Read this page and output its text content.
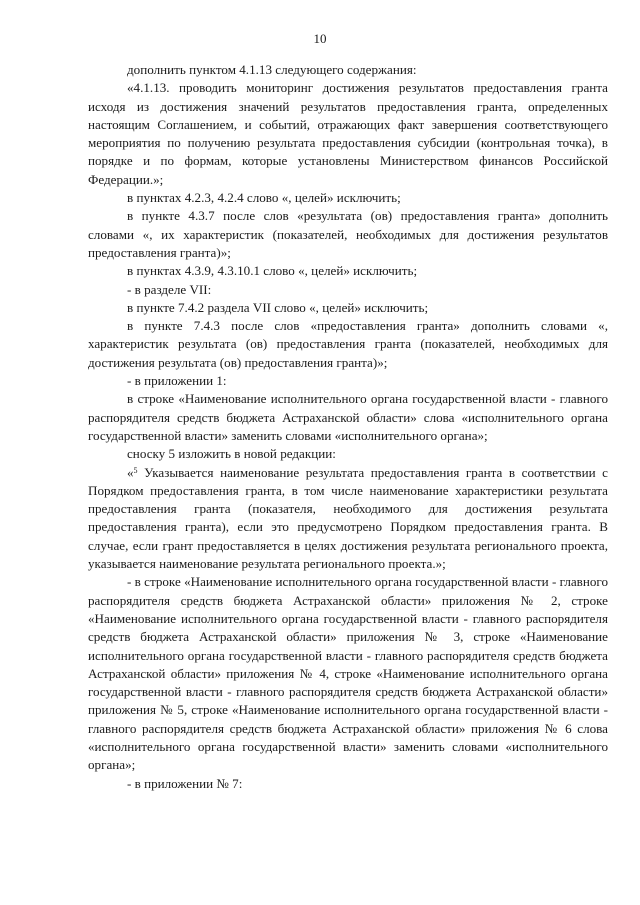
10

дополнить пунктом 4.1.13 следующего содержания:

«4.1.13. проводить мониторинг достижения результатов предоставления гранта исходя из достижения значений результатов предоставления гранта, определенных настоящим Соглашением, и событий, отражающих факт завершения соответствующего мероприятия по получению результата предоставления субсидии (контрольная точка), в порядке и по формам, которые установлены Министерством финансов Российской Федерации.»;

в пунктах 4.2.3, 4.2.4 слово «, целей» исключить;

в пункте 4.3.7 после слов «результата (ов) предоставления гранта» дополнить словами «, их характеристик (показателей, необходимых для достижения результатов предоставления гранта)»;

в пунктах 4.3.9, 4.3.10.1 слово «, целей» исключить;

- в разделе VII:

в пункте 7.4.2 раздела VII слово «, целей» исключить;

в пункте 7.4.3 после слов «предоставления гранта» дополнить словами «, характеристик результата (ов) предоставления гранта (показателей, необходимых для достижения результата (ов) предоставления гранта)»;

- в приложении 1:

в строке «Наименование исполнительного органа государственной власти - главного распорядителя средств бюджета Астраханской области» слова «исполнительного органа государственной власти» заменить словами «исполнительного органа»;

сноску 5 изложить в новой редакции:

«$^5$ Указывается наименование результата предоставления гранта в соответствии с Порядком предоставления гранта, в том числе наименование характеристики результата предоставления гранта (показателя, необходимого для достижения результата предоставления гранта), если это предусмотрено Порядком предоставления гранта. В случае, если грант предоставляется в целях достижения результата регионального проекта, указывается наименование результата регионального проекта.»;

- в строке «Наименование исполнительного органа государственной власти - главного распорядителя средств бюджета Астраханской области» приложения № 2, строке «Наименование исполнительного органа государственной власти - главного распорядителя средств бюджета Астраханской области» приложения № 3, строке «Наименование исполнительного органа государственной власти - главного распорядителя средств бюджета Астраханской области» приложения № 4, строке «Наименование исполнительного органа государственной власти - главного распорядителя средств бюджета Астраханской области» приложения № 5, строке «Наименование исполнительного органа государственной власти - главного распорядителя средств бюджета Астраханской области» приложения № 6 слова «исполнительного органа государственной власти» заменить словами «исполнительного органа»;

- в приложении № 7:
